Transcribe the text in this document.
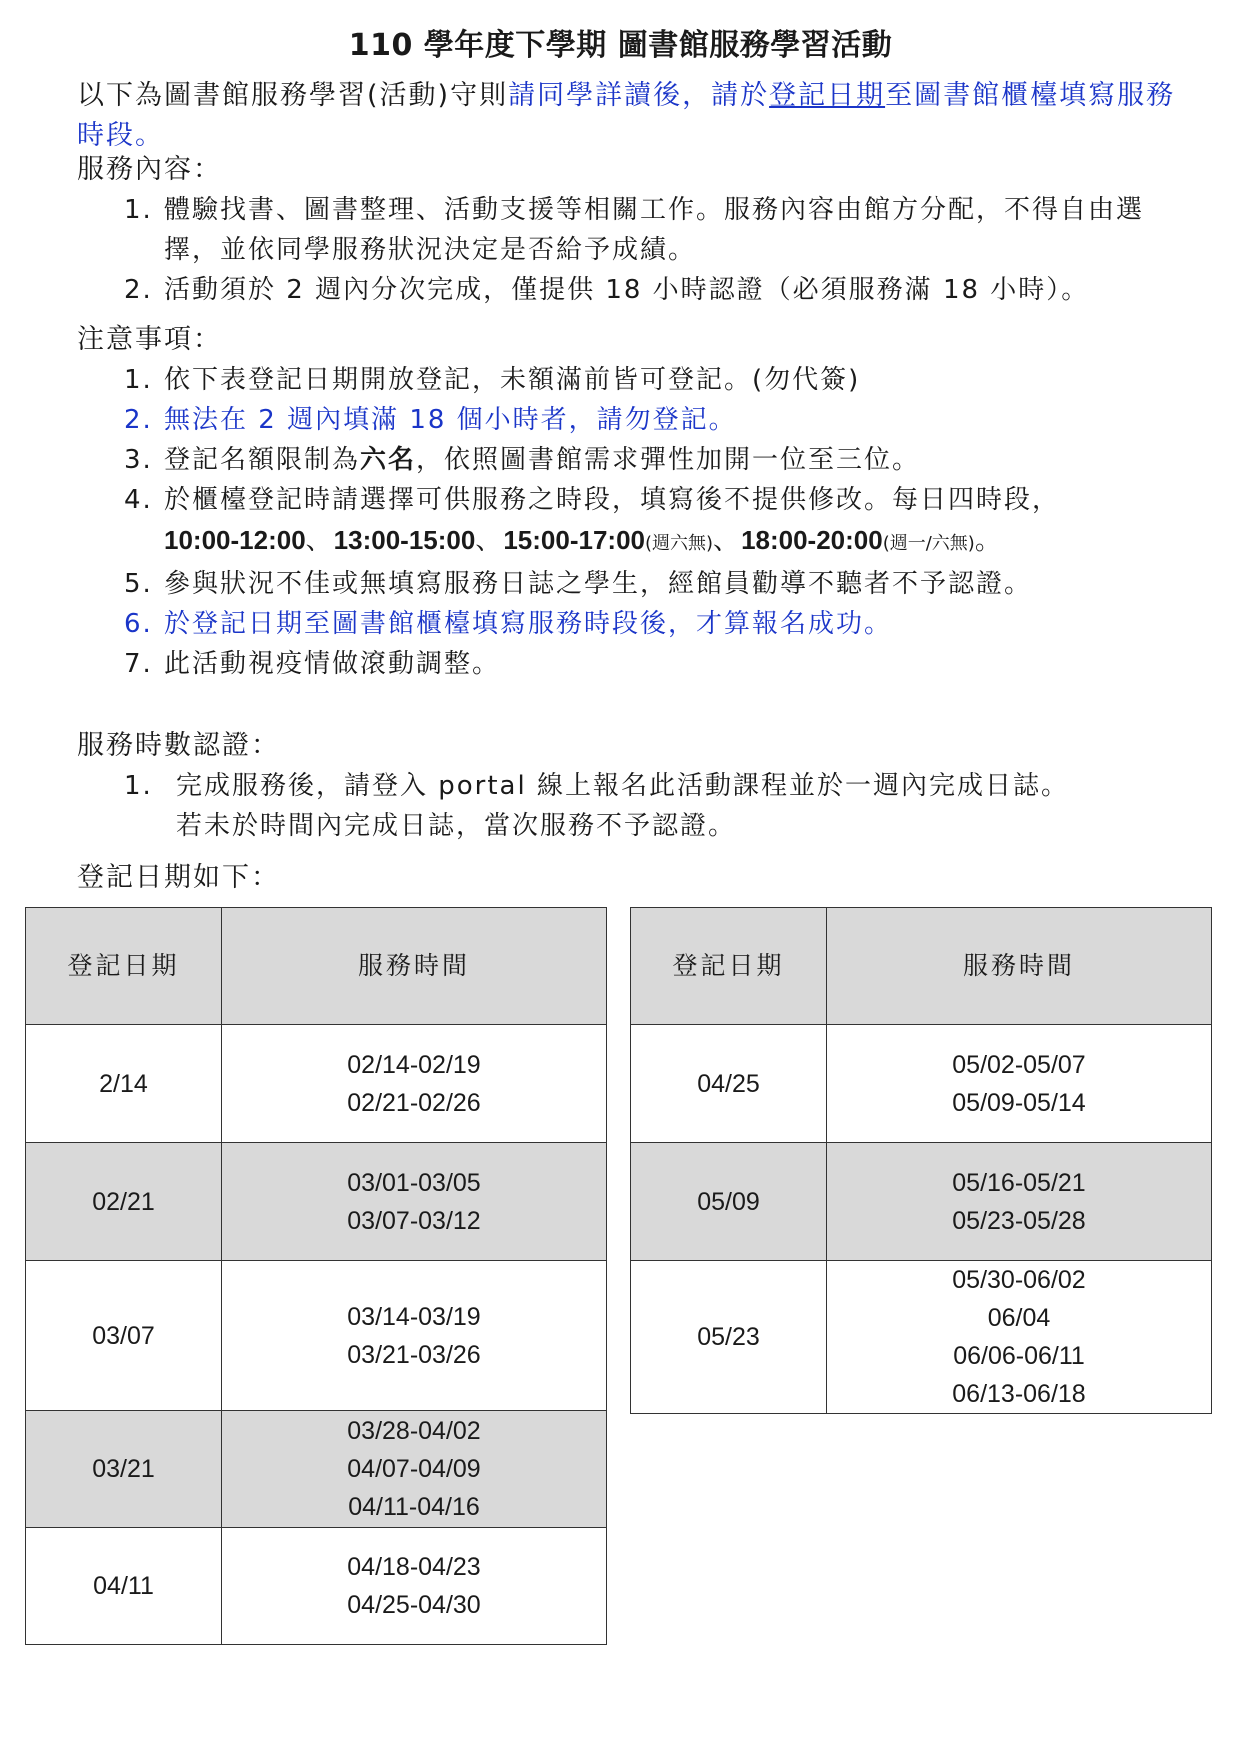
110 學年度下學期 圖書館服務學習活動
以下為圖書館服務學習(活動)守則請同學詳讀後，請於登記日期至圖書館櫃檯填寫服務時段。
服務內容：
1. 體驗找書、圖書整理、活動支援等相關工作。服務內容由館方分配，不得自由選擇，並依同學服務狀況決定是否給予成績。
2. 活動須於 2 週內分次完成，僅提供 18 小時認證（必須服務滿 18 小時）。
注意事項：
1. 依下表登記日期開放登記，未額滿前皆可登記。(勿代簽)
2. 無法在 2 週內填滿 18 個小時者，請勿登記。
3. 登記名額限制為六名，依照圖書館需求彈性加開一位至三位。
4. 於櫃檯登記時請選擇可供服務之時段，填寫後不提供修改。每日四時段，
10:00-12:00、13:00-15:00、15:00-17:00(週六無)、18:00-20:00(週一/六無)。
5. 參與狀況不佳或無填寫服務日誌之學生，經館員勸導不聽者不予認證。
6. 於登記日期至圖書館櫃檯填寫服務時段後，才算報名成功。
7. 此活動視疫情做滾動調整。
服務時數認證：
1. 完成服務後，請登入 portal 線上報名此活動課程並於一週內完成日誌。
若未於時間內完成日誌，當次服務不予認證。
登記日期如下：
登記日期	服務時間
2/14	02/14-02/19
02/21-02/26

02/21	03/01-03/05
03/07-03/12

03/07	03/14-03/19
03/21-03/26

03/21	03/28-04/02
04/07-04/09
04/11-04/16

04/11	04/18-04/23
04/25-04/30
登記日期	服務時間
04/25	05/02-05/07
05/09-05/14

05/09	05/16-05/21
05/23-05/28

05/23	05/30-06/02
06/04
06/06-06/11
06/13-06/18
